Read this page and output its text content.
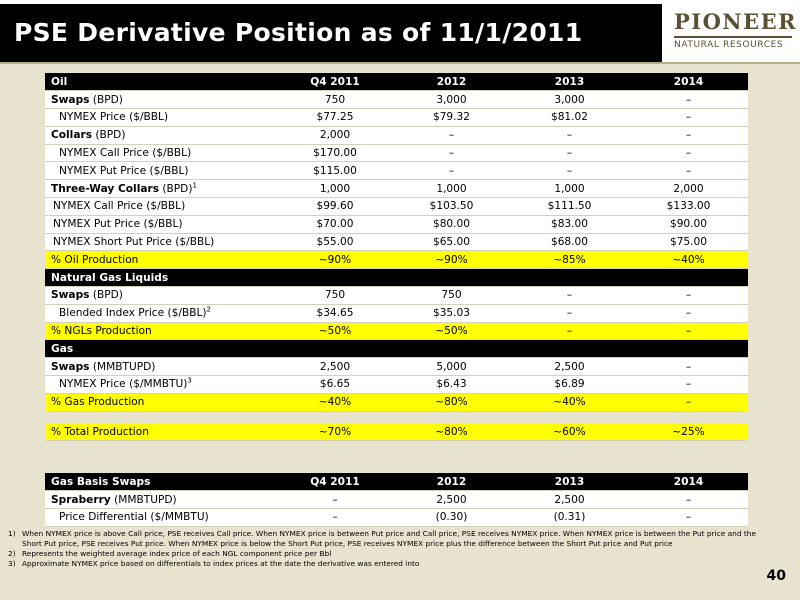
PSE Derivative Position as of 11/1/2011	PIONEER
NATURAL RESOURCES
Oil	Q4 2011	2012	2013	2014
Swaps (BPD)	750	3,000	3,000	–
NYMEX Price ($/BBL)	$77.25	$79.32	$81.02	–
Collars (BPD)	2,000	–	–	–
NYMEX Call Price ($/BBL)	$170.00	–	–	–
NYMEX Put Price ($/BBL)	$115.00	–	–	–
Three-Way Collars (BPD)$^1$	1,000	1,000	1,000	2,000
NYMEX Call Price ($/BBL)	$99.60	$103.50	$111.50	$133.00
NYMEX Put Price ($/BBL)	$70.00	$80.00	$83.00	$90.00
NYMEX Short Put Price ($/BBL)	$55.00	$65.00	$68.00	$75.00
% Oil Production	~90%	~90%	~85%	~40%
Natural Gas Liquids				
Swaps (BPD)	750	750	–	–
Blended Index Price ($/BBL)$^2$	$34.65	$35.03	–	–
% NGLs Production	~50%	~50%	–	–
Gas				
Swaps (MMBTUPD)	2,500	5,000	2,500	–
NYMEX Price ($/MMBTU)$^3$	$6.65	$6.43	$6.89	–
% Gas Production	~40%	~80%	~40%	–

% Total Production	~70%	~80%	~60%	~25%
Gas Basis Swaps	Q4 2011	2012	2013	2014
Spraberry (MMBTUPD)	–	2,500	2,500	–
Price Differential ($/MMBTU)	–	(0.30)	(0.31)	–
1) When NYMEX price is above Call price, PSE receives Call price. When NYMEX price is between Put price and Call price, PSE receives NYMEX price. When NYMEX price is between the Put price and the Short Put price, PSE receives Put price. When NYMEX price is below the Short Put price, PSE receives NYMEX price plus the difference between the Short Put price and Put price
2) Represents the weighted average index price of each NGL component price per Bbl
3) Approximate NYMEX price based on differentials to index prices at the date the derivative was entered into
40
